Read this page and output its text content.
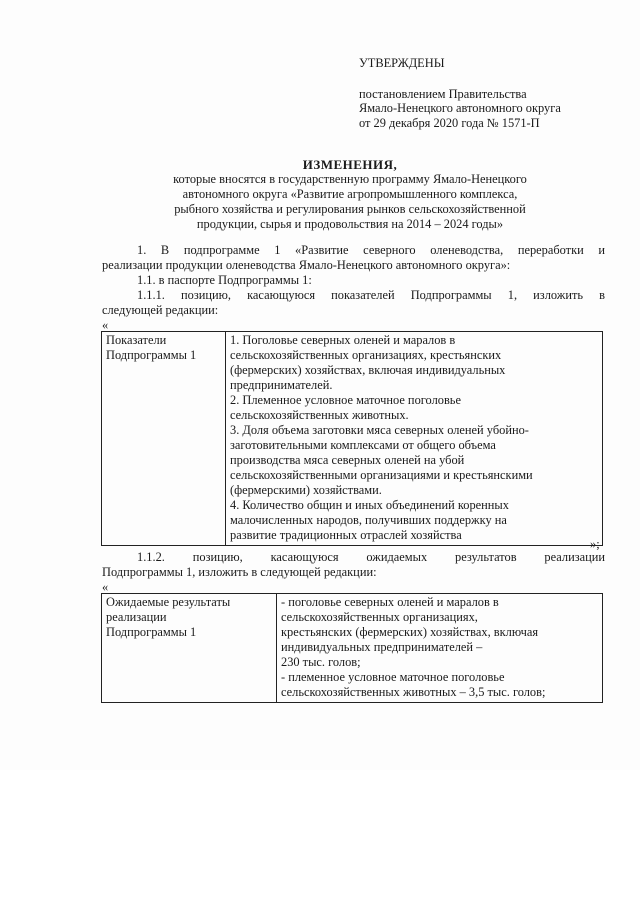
УТВЕРЖДЕНЫ
постановлением Правительства
Ямало-Ненецкого автономного округа
от 29 декабря 2020 года № 1571-П
ИЗМЕНЕНИЯ,
которые вносятся в государственную программу Ямало-Ненецкого
автономного округа «Развитие агропромышленного комплекса,
рыбного хозяйства и регулирования рынков сельскохозяйственной
продукции, сырья и продовольствия на 2014 – 2024 годы»
1. В подпрограмме 1 «Развитие северного оленеводства, переработки и
реализации продукции оленеводства Ямало-Ненецкого автономного округа»:
1.1. в паспорте Подпрограммы 1:
1.1.1. позицию, касающуюся показателей Подпрограммы 1, изложить в
следующей редакции:
«
Показатели
Подпрограммы 1

1. Поголовье северных оленей и маралов в
сельскохозяйственных организациях, крестьянских
(фермерских) хозяйствах, включая индивидуальных
предпринимателей.
2. Племенное условное маточное поголовье
сельскохозяйственных животных.
3. Доля объема заготовки мяса северных оленей убойно-
заготовительными комплексами от общего объема
производства мяса северных оленей на убой
сельскохозяйственными организациями и крестьянскими
(фермерскими) хозяйствами.
4. Количество общин и иных объединений коренных
малочисленных народов, получивших поддержку на
развитие традиционных отраслей хозяйства
»;
1.1.2. позицию, касающуюся ожидаемых результатов реализации
Подпрограммы 1, изложить в следующей редакции:
«
Ожидаемые результаты
реализации
Подпрограммы 1

- поголовье северных оленей и маралов в
сельскохозяйственных организациях,
крестьянских (фермерских) хозяйствах, включая
индивидуальных предпринимателей –
230 тыс. голов;
- племенное условное маточное поголовье
сельскохозяйственных животных – 3,5 тыс. голов;
